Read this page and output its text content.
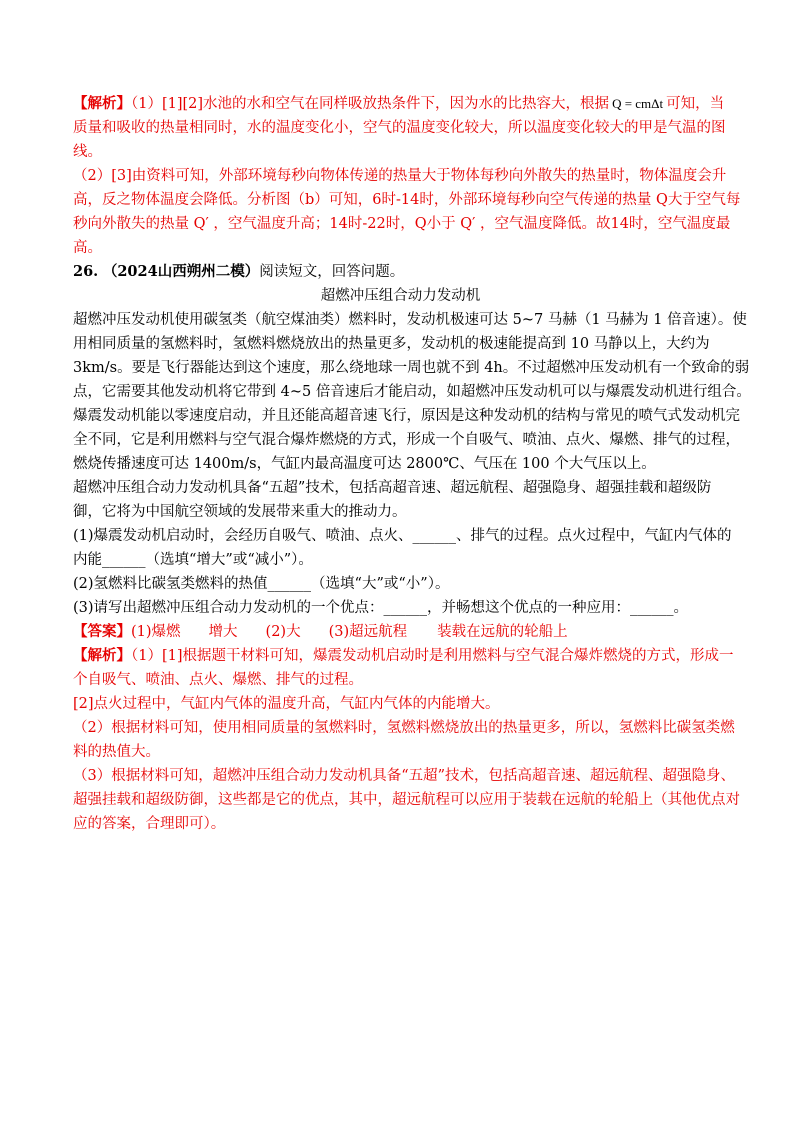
【解析】（1）[1][2]水池的水和空气在同样吸放热条件下，因为水的比热容大，根据 Q = cmΔt 可知，当
质量和吸收的热量相同时，水的温度变化小，空气的温度变化较大，所以温度变化较大的甲是气温的图
线。
（2）[3]由资料可知，外部环境每秒向物体传递的热量大于物体每秒向外散失的热量时，物体温度会升
高，反之物体温度会降低。分析图（b）可知，6时-14时，外部环境每秒向空气传递的热量 Q大于空气每
秒向外散失的热量 Q′ ，空气温度升高；14时-22时，Q小于 Q′ ，空气温度降低。故14时，空气温度最
高。
26. （2024山西朔州二模）阅读短文，回答问题。
超燃冲压组合动力发动机
超燃冲压发动机使用碳氢类（航空煤油类）燃料时，发动机极速可达 5~7 马赫（1 马赫为 1 倍音速）。使
用相同质量的氢燃料时，氢燃料燃烧放出的热量更多，发动机的极速能提高到 10 马静以上，大约为
3km/s。要是飞行器能达到这个速度，那么绕地球一周也就不到 4h。不过超燃冲压发动机有一个致命的弱
点，它需要其他发动机将它带到 4~5 倍音速后才能启动，如超燃冲压发动机可以与爆震发动机进行组合。
爆震发动机能以零速度启动，并且还能高超音速飞行，原因是这种发动机的结构与常见的喷气式发动机完
全不同，它是利用燃料与空气混合爆炸燃烧的方式，形成一个自吸气、喷油、点火、爆燃、排气的过程，
燃烧传播速度可达 1400m/s，气缸内最高温度可达 2800℃、气压在 100 个大气压以上。
超燃冲压组合动力发动机具备“五超”技术，包括高超音速、超远航程、超强隐身、超强挂载和超级防
御，它将为中国航空领域的发展带来重大的推动力。
(1)爆震发动机启动时，会经历自吸气、喷油、点火、______、排气的过程。点火过程中，气缸内气体的
内能______（选填“增大”或“减小”）。
(2)氢燃料比碳氢类燃料的热值______（选填“大”或“小”）。
(3)请写出超燃冲压组合动力发动机的一个优点：______，并畅想这个优点的一种应用：______。
【答案】(1)爆燃 增大 (2)大 (3)超远航程 装载在远航的轮船上
【解析】（1）[1]根据题干材料可知，爆震发动机启动时是利用燃料与空气混合爆炸燃烧的方式，形成一
个自吸气、喷油、点火、爆燃、排气的过程。
[2]点火过程中，气缸内气体的温度升高，气缸内气体的内能增大。
（2）根据材料可知，使用相同质量的氢燃料时，氢燃料燃烧放出的热量更多，所以，氢燃料比碳氢类燃
料的热值大。
（3）根据材料可知，超燃冲压组合动力发动机具备“五超”技术，包括高超音速、超远航程、超强隐身、
超强挂载和超级防御，这些都是它的优点，其中，超远航程可以应用于装载在远航的轮船上（其他优点对
应的答案，合理即可）。
